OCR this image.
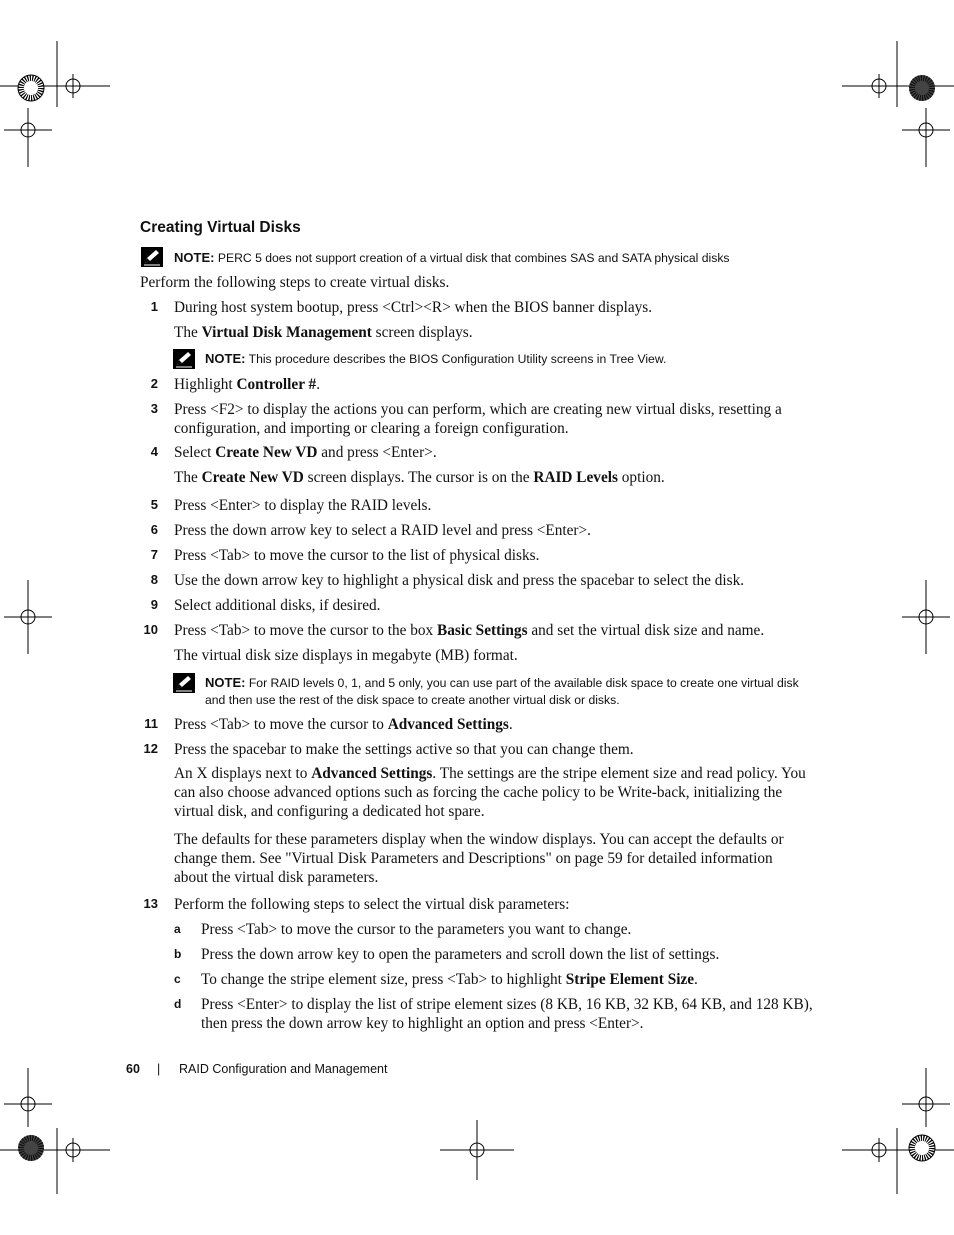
Creating Virtual Disks
NOTE: PERC 5 does not support creation of a virtual disk that combines SAS and SATA physical disks
Perform the following steps to create virtual disks.
1 During host system bootup, press <Ctrl><R> when the BIOS banner displays.
The Virtual Disk Management screen displays.
NOTE: This procedure describes the BIOS Configuration Utility screens in Tree View.
2 Highlight Controller #.
3 Press <F2> to display the actions you can perform, which are creating new virtual disks, resetting a
configuration, and importing or clearing a foreign configuration.
4 Select Create New VD and press <Enter>.
The Create New VD screen displays. The cursor is on the RAID Levels option.
5 Press <Enter> to display the RAID levels.
6 Press the down arrow key to select a RAID level and press <Enter>.
7 Press <Tab> to move the cursor to the list of physical disks.
8 Use the down arrow key to highlight a physical disk and press the spacebar to select the disk.
9 Select additional disks, if desired.
10 Press <Tab> to move the cursor to the box Basic Settings and set the virtual disk size and name.
The virtual disk size displays in megabyte (MB) format.
NOTE: For RAID levels 0, 1, and 5 only, you can use part of the available disk space to create one virtual disk
and then use the rest of the disk space to create another virtual disk or disks.
11 Press <Tab> to move the cursor to Advanced Settings.
12 Press the spacebar to make the settings active so that you can change them.
An X displays next to Advanced Settings. The settings are the stripe element size and read policy. You
can also choose advanced options such as forcing the cache policy to be Write-back, initializing the
virtual disk, and configuring a dedicated hot spare.
The defaults for these parameters display when the window displays. You can accept the defaults or
change them. See "Virtual Disk Parameters and Descriptions" on page 59 for detailed information
about the virtual disk parameters.
13 Perform the following steps to select the virtual disk parameters:
a Press <Tab> to move the cursor to the parameters you want to change.
b Press the down arrow key to open the parameters and scroll down the list of settings.
c To change the stripe element size, press <Tab> to highlight Stripe Element Size.
d Press <Enter> to display the list of stripe element sizes (8 KB, 16 KB, 32 KB, 64 KB, and 128 KB),
then press the down arrow key to highlight an option and press <Enter>.
60 | RAID Configuration and Management
